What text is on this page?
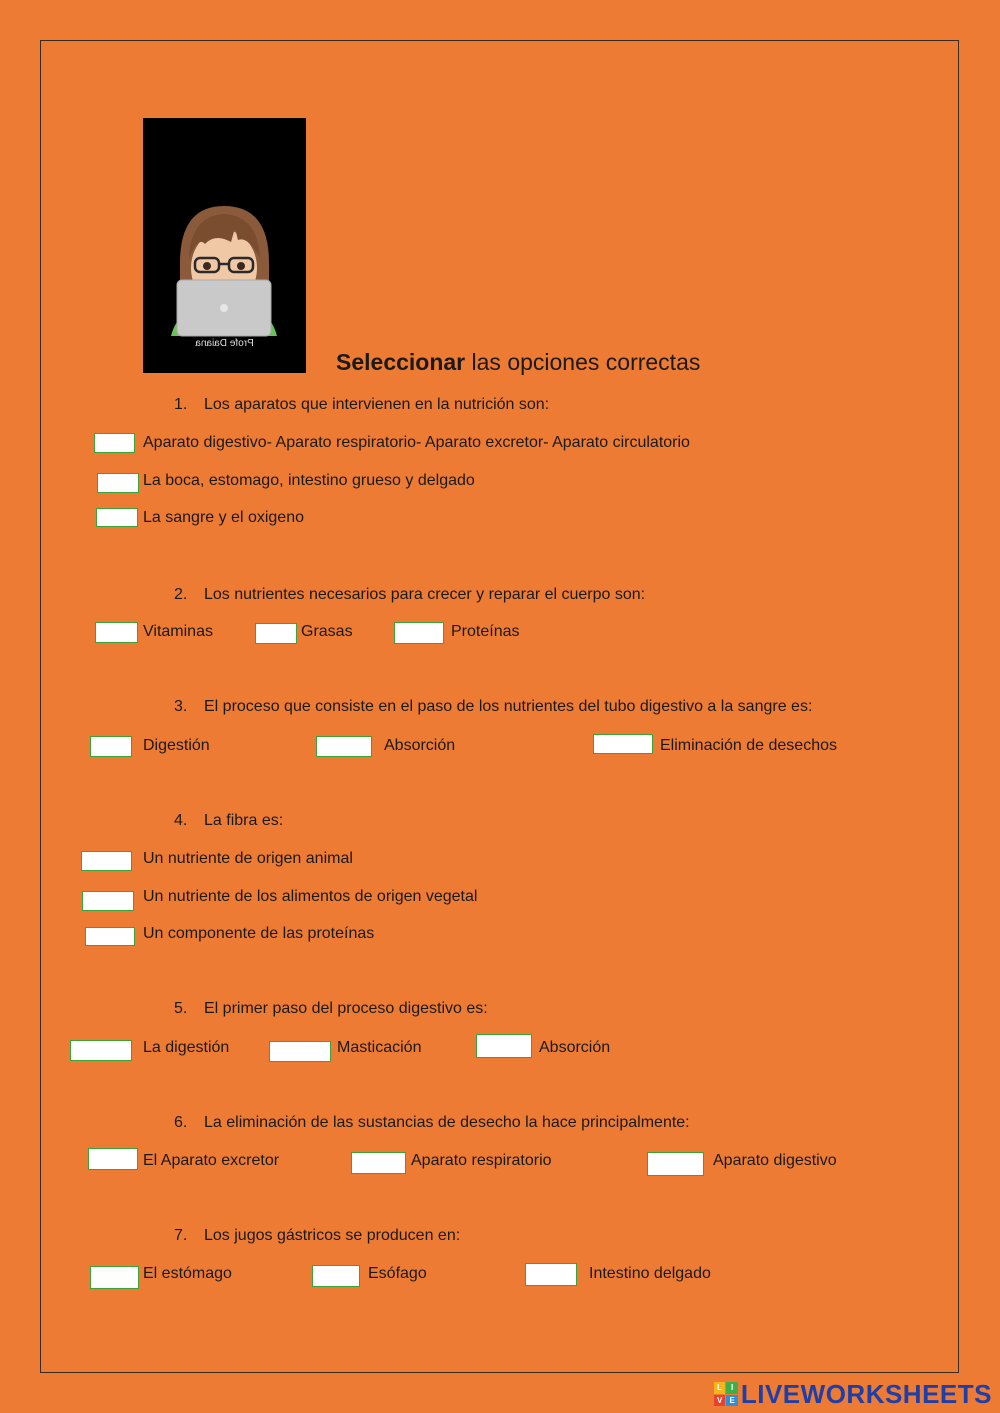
Profe Daiana
Seleccionar las opciones correctas
1. Los aparatos que intervienen en la nutrición son:
Aparato digestivo- Aparato respiratorio- Aparato excretor- Aparato circulatorio
La boca, estomago, intestino grueso y delgado
La sangre y el oxigeno
2. Los nutrientes necesarios para crecer y reparar el cuerpo son:
Vitaminas	Grasas	Proteínas
3. El proceso que consiste en el paso de los nutrientes del tubo digestivo a la sangre es:
Digestión	Absorción	Eliminación de desechos
4. La fibra es:
Un nutriente de origen animal
Un nutriente de los alimentos de origen vegetal
Un componente de las proteínas
5. El primer paso del proceso digestivo es:
La digestión	Masticación	Absorción
6. La eliminación de las sustancias de desecho la hace principalmente:
El Aparato excretor	Aparato respiratorio	Aparato digestivo
7. Los jugos gástricos se producen en:
El estómago	Esófago	Intestino delgado
L	I
V E LIVEWORKSHEETS
